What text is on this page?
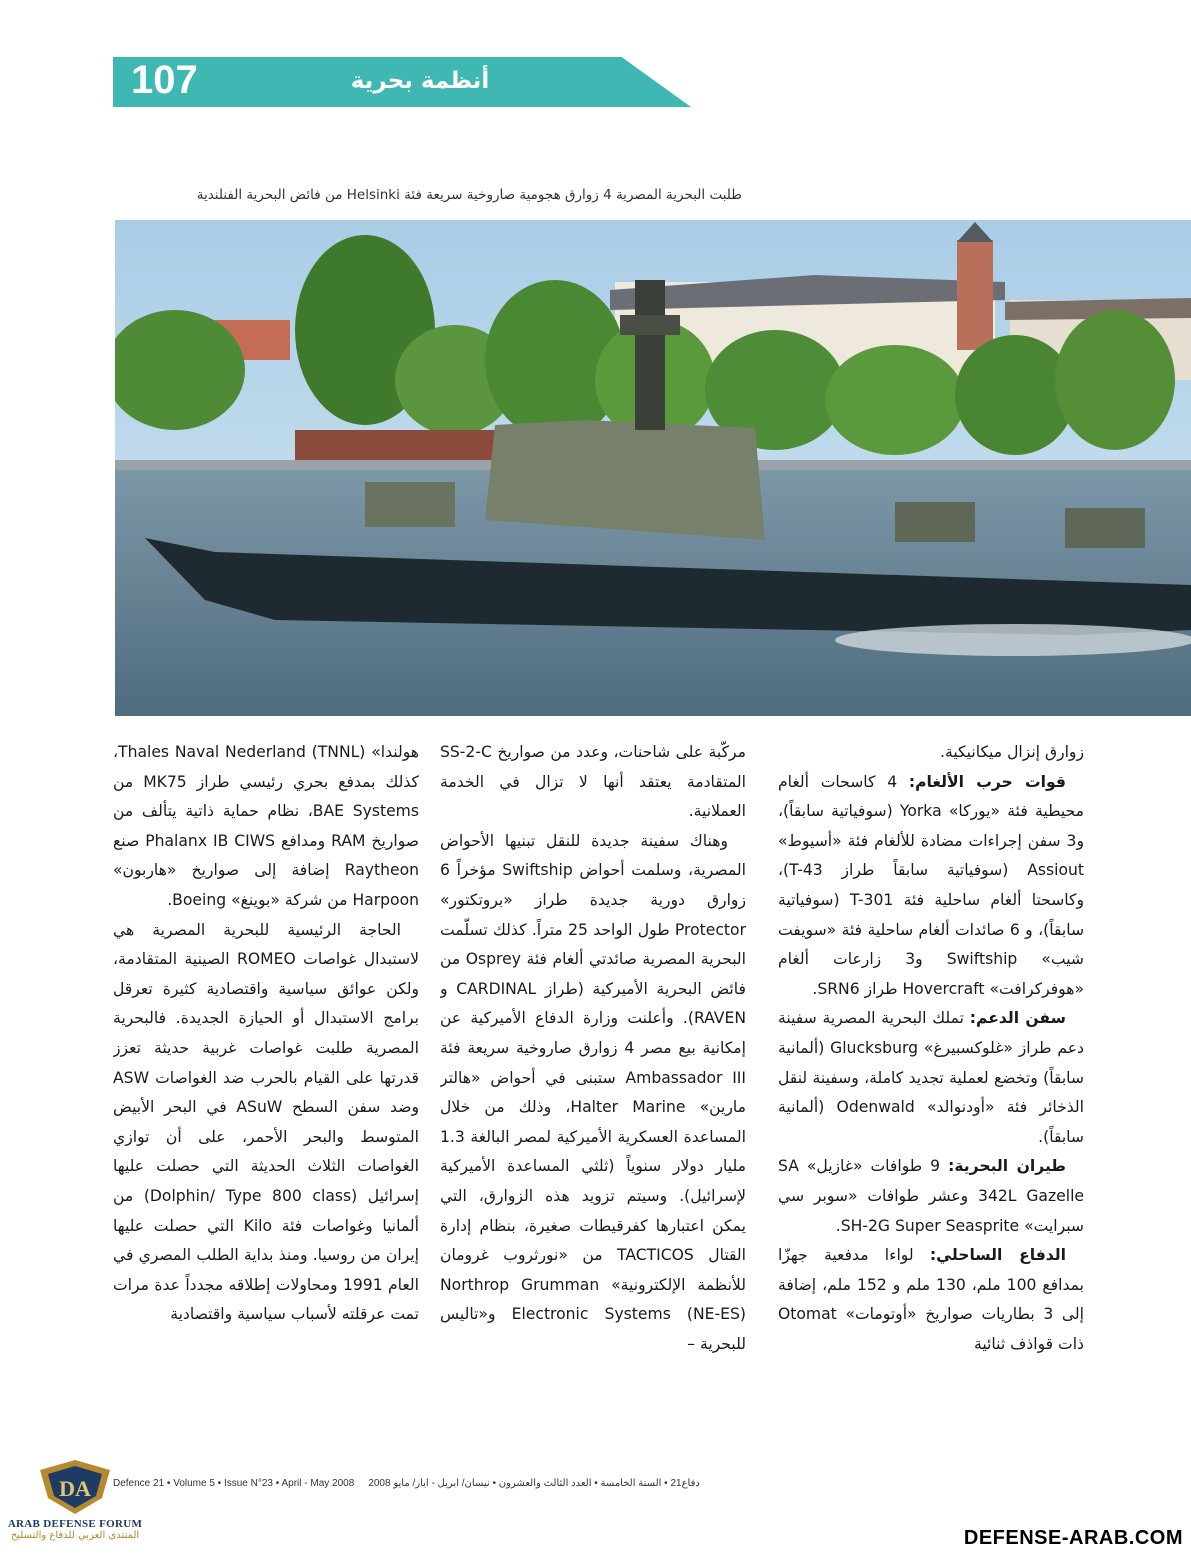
107	أنظمة بحرية
طلبت البحرية المصرية 4 زوارق هجومية صاروخية سريعة فئة Helsinki من فائض البحرية الفنلندية

زوارق إنزال ميكانيكية.

قوات حرب الألغام: 4 كاسحات ألغام محيطية فئة «يوركا» Yorka (سوفياتية سابقاً)، و3 سفن إجراءات مضادة للألغام فئة «أسيوط» Assiout (سوفياتية سابقاً طراز T-43)، وكاسحتا ألغام ساحلية فئة T-301 (سوفياتية سابقاً)، و 6 صائدات ألغام ساحلية فئة «سويفت شيب» Swiftship و3 زارعات ألغام «هوفركرافت» Hovercraft طراز SRN6.

سفن الدعم: تملك البحرية المصرية سفينة دعم طراز «غلوكسبيرغ» Glucksburg (ألمانية سابقاً) وتخضع لعملية تجديد كاملة، وسفينة لنقل الذخائر فئة «أودنوالد» Odenwald (ألمانية سابقاً).

طيران البحرية: 9 طوافات «غازيل» SA 342L Gazelle وعشر طوافات «سوبر سي سبرايت» SH-2G Super Seasprite.

الدفاع الساحلي: لواءا مدفعية جهزّا بمدافع 100 ملم، 130 ملم و 152 ملم، إضافة إلى 3 بطاريات صواريخ «أوتومات» Otomat ذات قواذف ثنائية

مركّبة على شاحنات، وعدد من صواريخ SS-2-C المتقادمة يعتقد أنها لا تزال في الخدمة العملانية.

وهناك سفينة جديدة للنقل تبنيها الأحواض المصرية، وسلمت أحواض Swiftship مؤخراً 6 زوارق دورية جديدة طراز «بروتكتور» Protector طول الواحد 25 متراً. كذلك تسلّمت البحرية المصرية صائدتي ألغام فئة Osprey من فائض البحرية الأميركية (طراز CARDINAL و RAVEN). وأعلنت وزارة الدفاع الأميركية عن إمكانية بيع مصر 4 زوارق صاروخية سريعة فئة Ambassador III ستبنى في أحواض «هالتر مارين» Halter Marine، وذلك من خلال المساعدة العسكرية الأميركية لمصر البالغة 1.3 مليار دولار سنوياً (ثلثي المساعدة الأميركية لإسرائيل). وسيتم تزويد هذه الزوارق، التي يمكن اعتبارها كفرقيطات صغيرة، بنظام إدارة القتال TACTICOS من «نورثروب غرومان للأنظمة الإلكترونية» Northrop Grumman Electronic Systems (NE-ES) و«تاليس للبحرية –

هولندا» Thales Naval Nederland (TNNL)، كذلك بمدفع بحري رئيسي طراز MK75 من BAE Systems، نظام حماية ذاتية يتألف من صواريخ RAM ومدافع Phalanx IB CIWS صنع Raytheon إضافة إلى صواريخ «هاربون» Harpoon من شركة «بوينغ» Boeing.

الحاجة الرئيسية للبحرية المصرية هي لاستبدال غواصات ROMEO الصينية المتقادمة، ولكن عوائق سياسية واقتصادية كثيرة تعرقل برامج الاستبدال أو الحيازة الجديدة. فالبحرية المصرية طلبت غواصات غربية حديثة تعزز قدرتها على القيام بالحرب ضد الغواصات ASW وضد سفن السطح ASuW في البحر الأبيض المتوسط والبحر الأحمر، على أن توازي الغواصات الثلاث الحديثة التي حصلت عليها إسرائيل (Dolphin/ Type 800 class) من ألمانيا وغواصات فئة Kilo التي حصلت عليها إيران من روسيا. ومنذ بداية الطلب المصري في العام 1991 ومحاولات إطلاقه مجدداً عدة مرات تمت عرقلته لأسباب سياسية واقتصادية

Defence 21 • Volume 5 • Issue N°23 • April - May 2008 دفاع21 • السنة الخامسة • العدد الثالث والعشرون • نيسان/ أبريل - أيار/ مايو 2008
DA
ARAB DEFENSE FORUM
المنتدى العربي للدفاع والتسليح	DEFENSE-ARAB.COM
